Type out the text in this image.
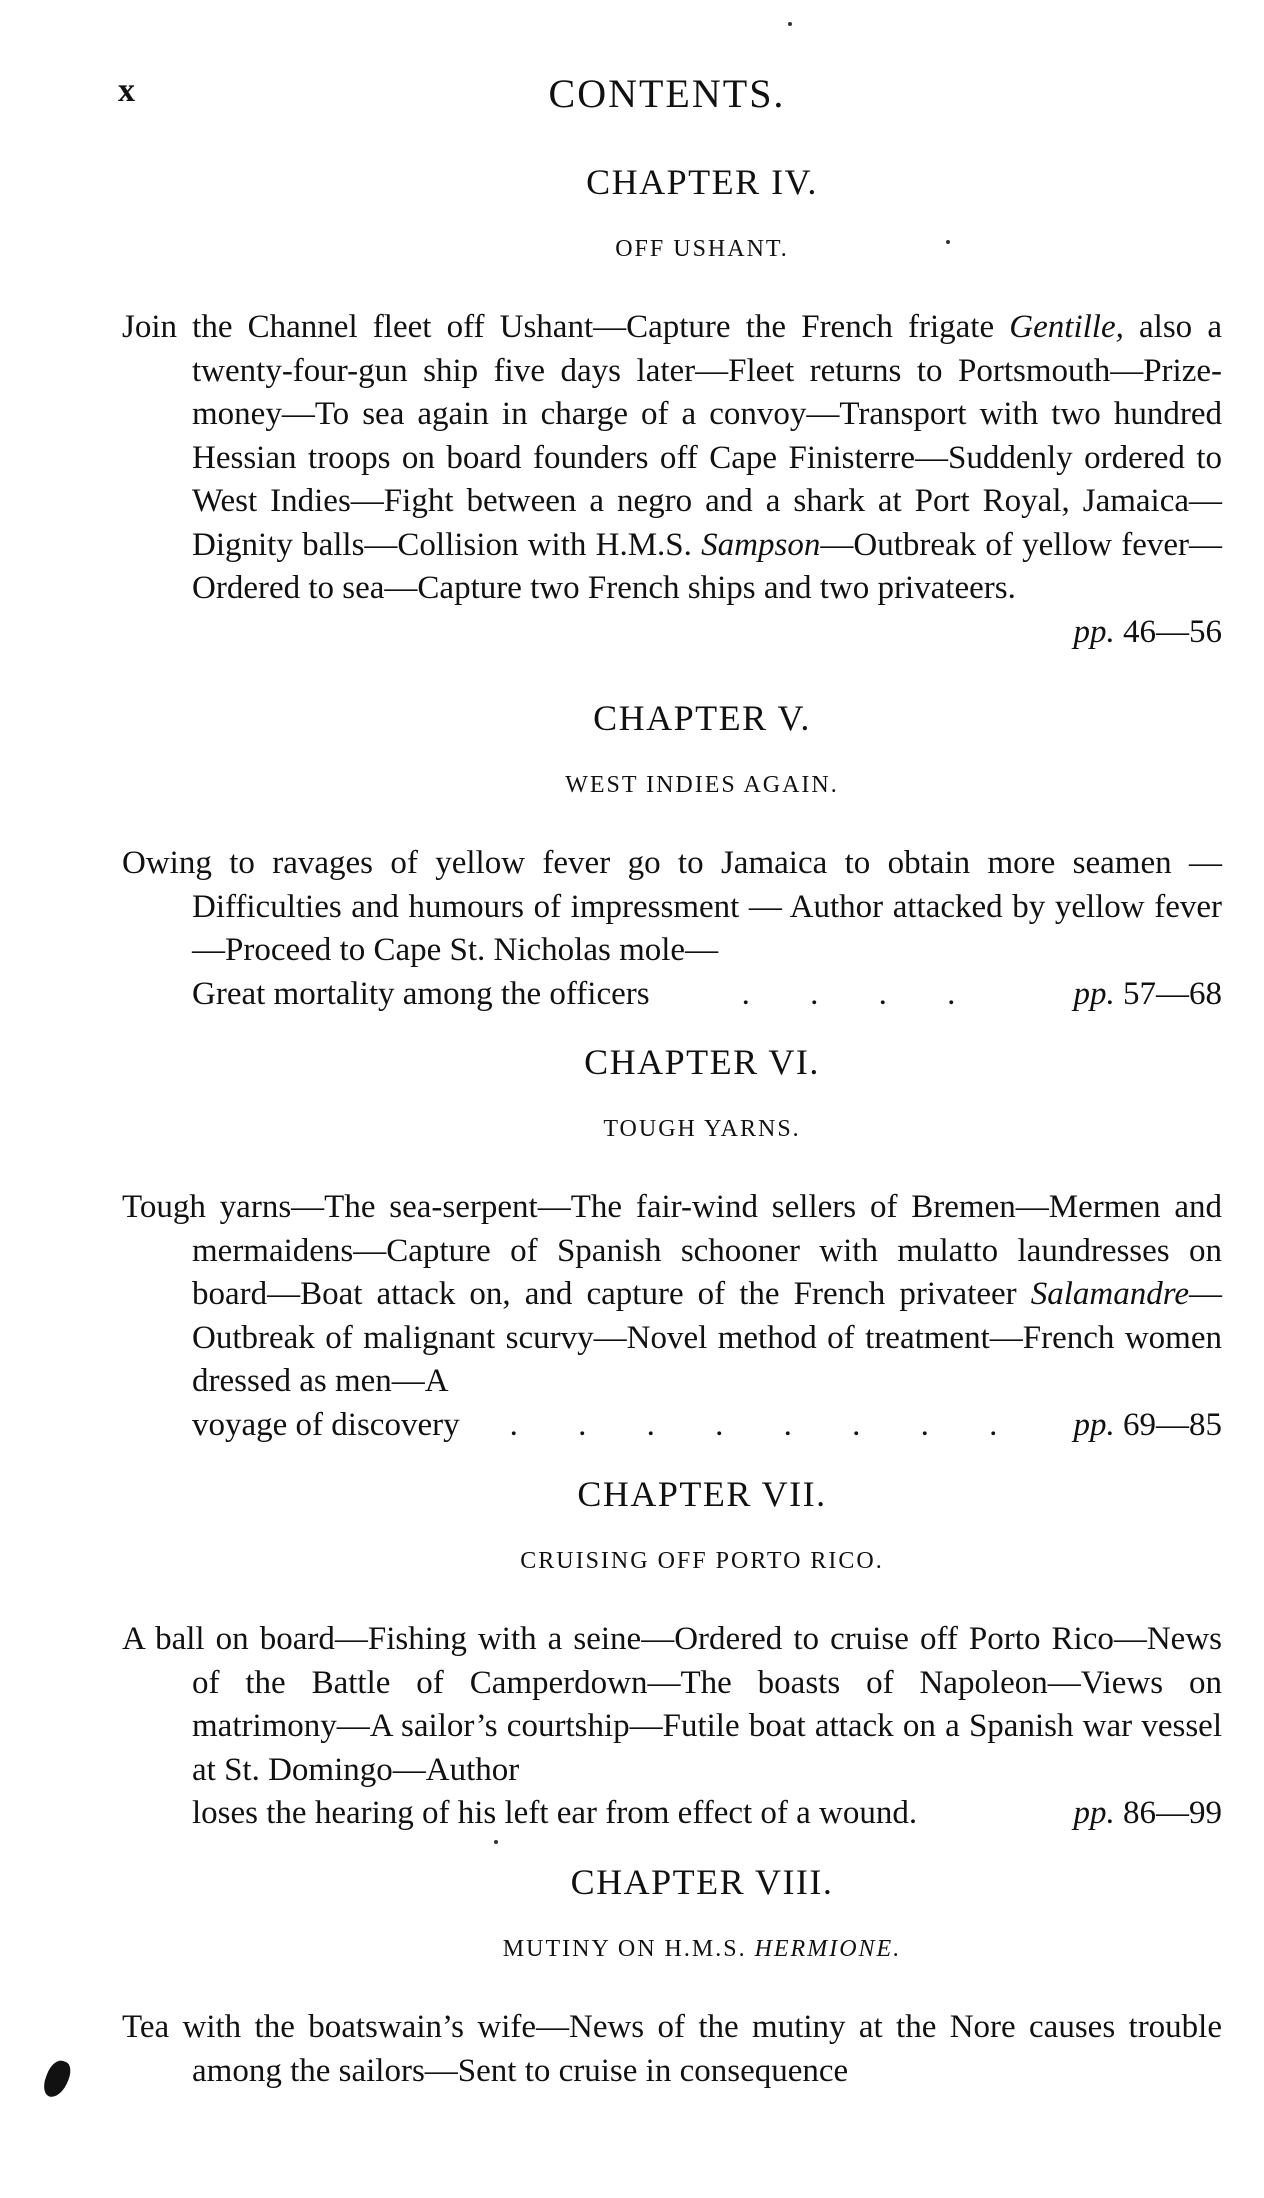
x	CONTENTS.
CHAPTER IV.
OFF USHANT.
Join the Channel fleet off Ushant—Capture the French frigate Gentille, also a twenty-four-gun ship five days later—Fleet returns to Portsmouth—Prize-money—To sea again in charge of a convoy—Transport with two hundred Hessian troops on board founders off Cape Finisterre—Suddenly ordered to West Indies—Fight between a negro and a shark at Port Royal, Jamaica—Dignity balls—Collision with H.M.S. Sampson—Outbreak of yellow fever—Ordered to sea—Capture two French ships and two privateers.
pp. 46—56
CHAPTER V.
WEST INDIES AGAIN.
Owing to ravages of yellow fever go to Jamaica to obtain more seamen — Difficulties and humours of impressment — Author attacked by yellow fever—Proceed to Cape St. Nicholas mole—
Great mortality among the officers	. . . .	pp. 57—68
CHAPTER VI.
TOUGH YARNS.
Tough yarns—The sea-serpent—The fair-wind sellers of Bremen—Mermen and mermaidens—Capture of Spanish schooner with mulatto laundresses on board—Boat attack on, and capture of the French privateer Salamandre—Outbreak of malignant scurvy—Novel method of treatment—French women dressed as men—A
voyage of discovery . . . . . . . . pp. 69—85
CHAPTER VII.
CRUISING OFF PORTO RICO.
A ball on board—Fishing with a seine—Ordered to cruise off Porto Rico—News of the Battle of Camperdown—The boasts of Napoleon—Views on matrimony—A sailor’s courtship—Futile boat attack on a Spanish war vessel at St. Domingo—Author
loses the hearing of his left ear from effect of a wound.	pp. 86—99
CHAPTER VIII.
MUTINY ON H.M.S. HERMIONE.
Tea with the boatswain’s wife—News of the mutiny at the Nore causes trouble among the sailors—Sent to cruise in consequence
